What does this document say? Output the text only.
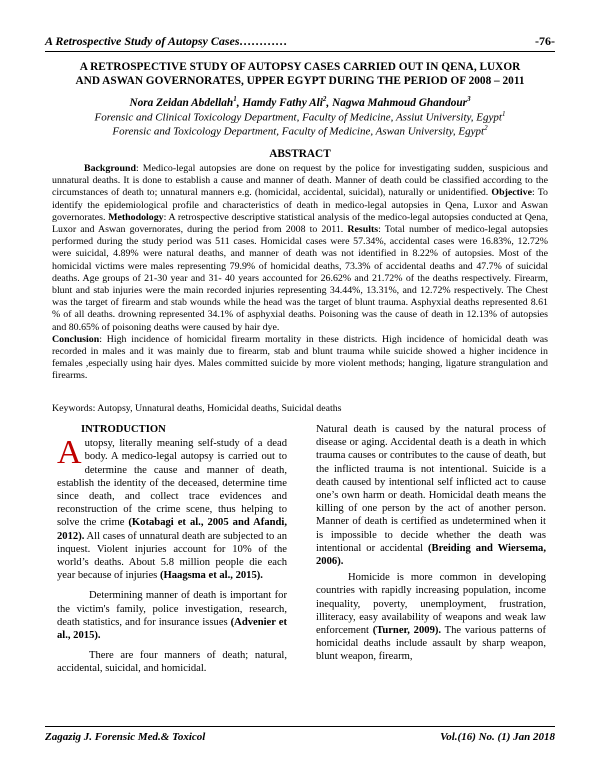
A Retrospective Study of Autopsy Cases…………	-76-
A RETROSPECTIVE STUDY OF AUTOPSY CASES CARRIED OUT IN QENA, LUXOR
AND ASWAN GOVERNORATES, UPPER EGYPT DURING THE PERIOD OF 2008 – 2011
Nora Zeidan Abdellah$^1$, Hamdy Fathy Ali$^2$, Nagwa Mahmoud Ghandour$^3$
Forensic and Clinical Toxicology Department, Faculty of Medicine, Assiut University, Egypt$^1$
Forensic and Toxicology Department, Faculty of Medicine, Aswan University, Egypt$^2$
ABSTRACT

Background: Medico-legal autopsies are done on request by the police for investigating sudden, suspicious and unnatural deaths. It is done to establish a cause and manner of death. Manner of death could be classified according to the circumstances of death to; unnatural manners e.g. (homicidal, accidental, suicidal), naturally or unidentified. Objective: To identify the epidemiological profile and characteristics of death in medico-legal autopsies in Qena, Luxor and Aswan governorates. Methodology: A retrospective descriptive statistical analysis of the medico-legal autopsies conducted at Qena, Luxor and Aswan governorates, during the period from 2008 to 2011. Results: Total number of medico-legal autopsies performed during the study period was 511 cases. Homicidal cases were 57.34%, accidental cases were 16.83%, 12.72% were suicidal, 4.89% were natural deaths, and manner of death was not identified in 8.22% of autopsies. Most of the homicidal victims were males representing 79.9% of homicidal deaths, 73.3% of accidental deaths and 47.7% of suicidal deaths. Age groups of 21-30 year and 31- 40 years accounted for 26.62% and 21.72% of the deaths respectively. Firearm, blunt and stab injuries were the main recorded injuries representing 34.44%, 13.31%, and 12.72% respectively. The Chest was the target of firearm and stab wounds while the head was the target of blunt trauma. Asphyxial deaths represented 8.61 % of all deaths. drowning represented 34.1% of asphyxial deaths. Poisoning was the cause of death in 12.13% of autopsies and 80.65% of poisoning deaths were caused by hair dye.

Conclusion: High incidence of homicidal firearm mortality in these districts. High incidence of homicidal death was recorded in males and it was mainly due to firearm, stab and blunt trauma while suicide showed a higher incidence in females ,especially using hair dyes. Males committed suicide by more violent methods; hanging, ligature strangulation and firearms.

Keywords: Autopsy, Unnatural deaths, Homicidal deaths, Suicidal deaths
INTRODUCTION

Autopsy, literally meaning self-study of a dead body. A medico-legal autopsy is carried out to determine the cause and manner of death, establish the identity of the deceased, determine time since death, and collect trace evidences and reconstruction of the crime scene, thus helping to solve the crime (Kotabagi et al., 2005 and Afandi, 2012). All cases of unnatural death are subjected to an inquest. Violent injuries account for 10% of the world’s deaths. About 5.8 million people die each year because of injuries (Haagsma et al., 2015).

Determining manner of death is important for the victim's family, police investigation, research, death statistics, and for insurance issues (Advenier et al., 2015).

There are four manners of death; natural, accidental, suicidal, and homicidal.

Natural death is caused by the natural process of disease or aging. Accidental death is a death in which trauma causes or contributes to the cause of death, but the inflicted trauma is not intentional. Suicide is a death caused by intentional self inflicted act to cause one’s own harm or death. Homicidal death means the killing of one person by the act of another person. Manner of death is certified as undetermined when it is impossible to decide whether the death was intentional or accidental (Breiding and Wiersema, 2006).

Homicide is more common in developing countries with rapidly increasing population, income inequality, poverty, unemployment, frustration, illiteracy, easy availability of weapons and weak law enforcement (Turner, 2009). The various patterns of homicidal deaths include assault by sharp weapon, blunt weapon, firearm,

Zagazig J. Forensic Med.& Toxicol	Vol.(16) No. (1) Jan 2018
